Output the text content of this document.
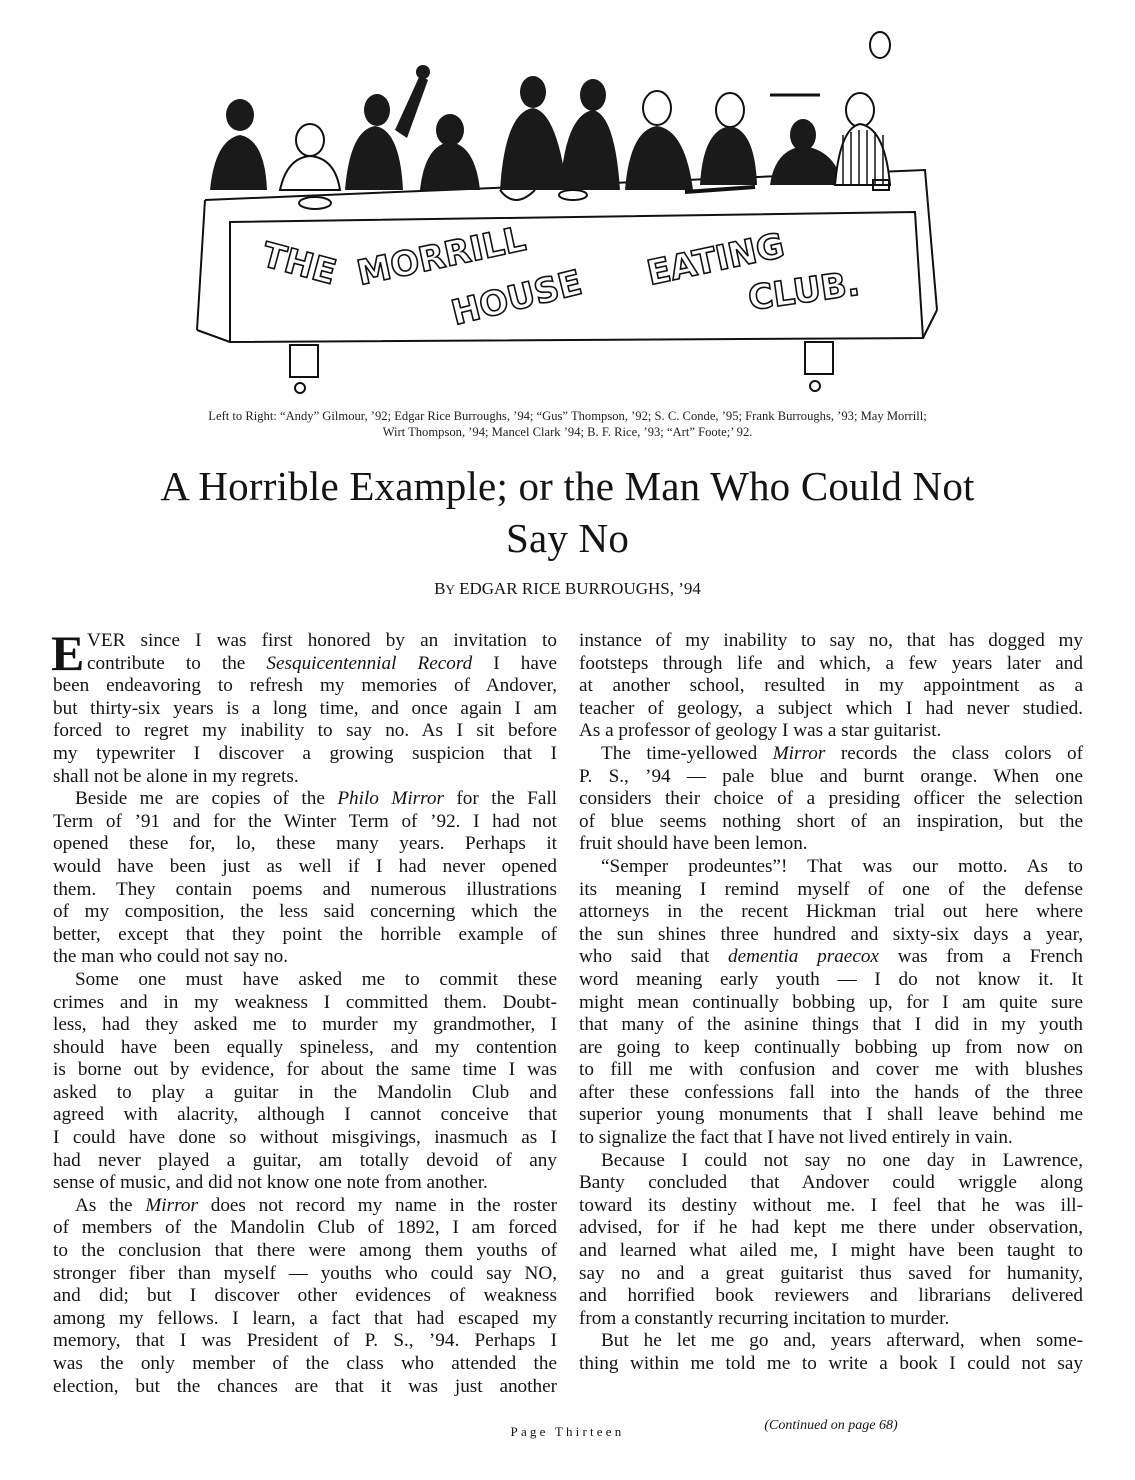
THE MORRILL
HOUSE
EATING
CLUB.
Left to Right: “Andy” Gilmour, ’92; Edgar Rice Burroughs, ’94; “Gus” Thompson, ’92; S. C. Conde, ’95; Frank Burroughs, ’93; May Morrill;
Wirt Thompson, ’94; Mancel Clark ’94; B. F. Rice, ’93; “Art” Foote;’ 92.
A Horrible Example; or the Man Who Could Not
Say No
BY EDGAR RICE BURROUGHS, ’94
E VER since I was first honored by an invitation to
contribute to the Sesquicentennial Record I have
been endeavoring to refresh my memories of Andover,
but thirty-six years is a long time, and once again I am
forced to regret my inability to say no. As I sit before
my typewriter I discover a growing suspicion that I
shall not be alone in my regrets.
Beside me are copies of the Philo Mirror for the Fall
Term of ’91 and for the Winter Term of ’92. I had not
opened these for, lo, these many years. Perhaps it
would have been just as well if I had never opened
them. They contain poems and numerous illustrations
of my composition, the less said concerning which the
better, except that they point the horrible example of
the man who could not say no.
Some one must have asked me to commit these
crimes and in my weakness I committed them. Doubt-
less, had they asked me to murder my grandmother, I
should have been equally spineless, and my contention
is borne out by evidence, for about the same time I was
asked to play a guitar in the Mandolin Club and
agreed with alacrity, although I cannot conceive that
I could have done so without misgivings, inasmuch as I
had never played a guitar, am totally devoid of any
sense of music, and did not know one note from another.
As the Mirror does not record my name in the roster
of members of the Mandolin Club of 1892, I am forced
to the conclusion that there were among them youths of
stronger fiber than myself — youths who could say NO,
and did; but I discover other evidences of weakness
among my fellows. I learn, a fact that had escaped my
memory, that I was President of P. S., ’94. Perhaps I
was the only member of the class who attended the
election, but the chances are that it was just another
instance of my inability to say no, that has dogged my
footsteps through life and which, a few years later and
at another school, resulted in my appointment as a
teacher of geology, a subject which I had never studied.
As a professor of geology I was a star guitarist.
The time-yellowed Mirror records the class colors of
P. S., ’94 — pale blue and burnt orange. When one
considers their choice of a presiding officer the selection
of blue seems nothing short of an inspiration, but the
fruit should have been lemon.
“Semper prodeuntes”! That was our motto. As to
its meaning I remind myself of one of the defense
attorneys in the recent Hickman trial out here where
the sun shines three hundred and sixty-six days a year,
who said that dementia praecox was from a French
word meaning early youth — I do not know it. It
might mean continually bobbing up, for I am quite sure
that many of the asinine things that I did in my youth
are going to keep continually bobbing up from now on
to fill me with confusion and cover me with blushes
after these confessions fall into the hands of the three
superior young monuments that I shall leave behind me
to signalize the fact that I have not lived entirely in vain.
Because I could not say no one day in Lawrence,
Banty concluded that Andover could wriggle along
toward its destiny without me. I feel that he was ill-
advised, for if he had kept me there under observation,
and learned what ailed me, I might have been taught to
say no and a great guitarist thus saved for humanity,
and horrified book reviewers and librarians delivered
from a constantly recurring incitation to murder.
But he let me go and, years afterward, when some-
thing within me told me to write a book I could not say
(Continued on page 68)
Page Thirteen
